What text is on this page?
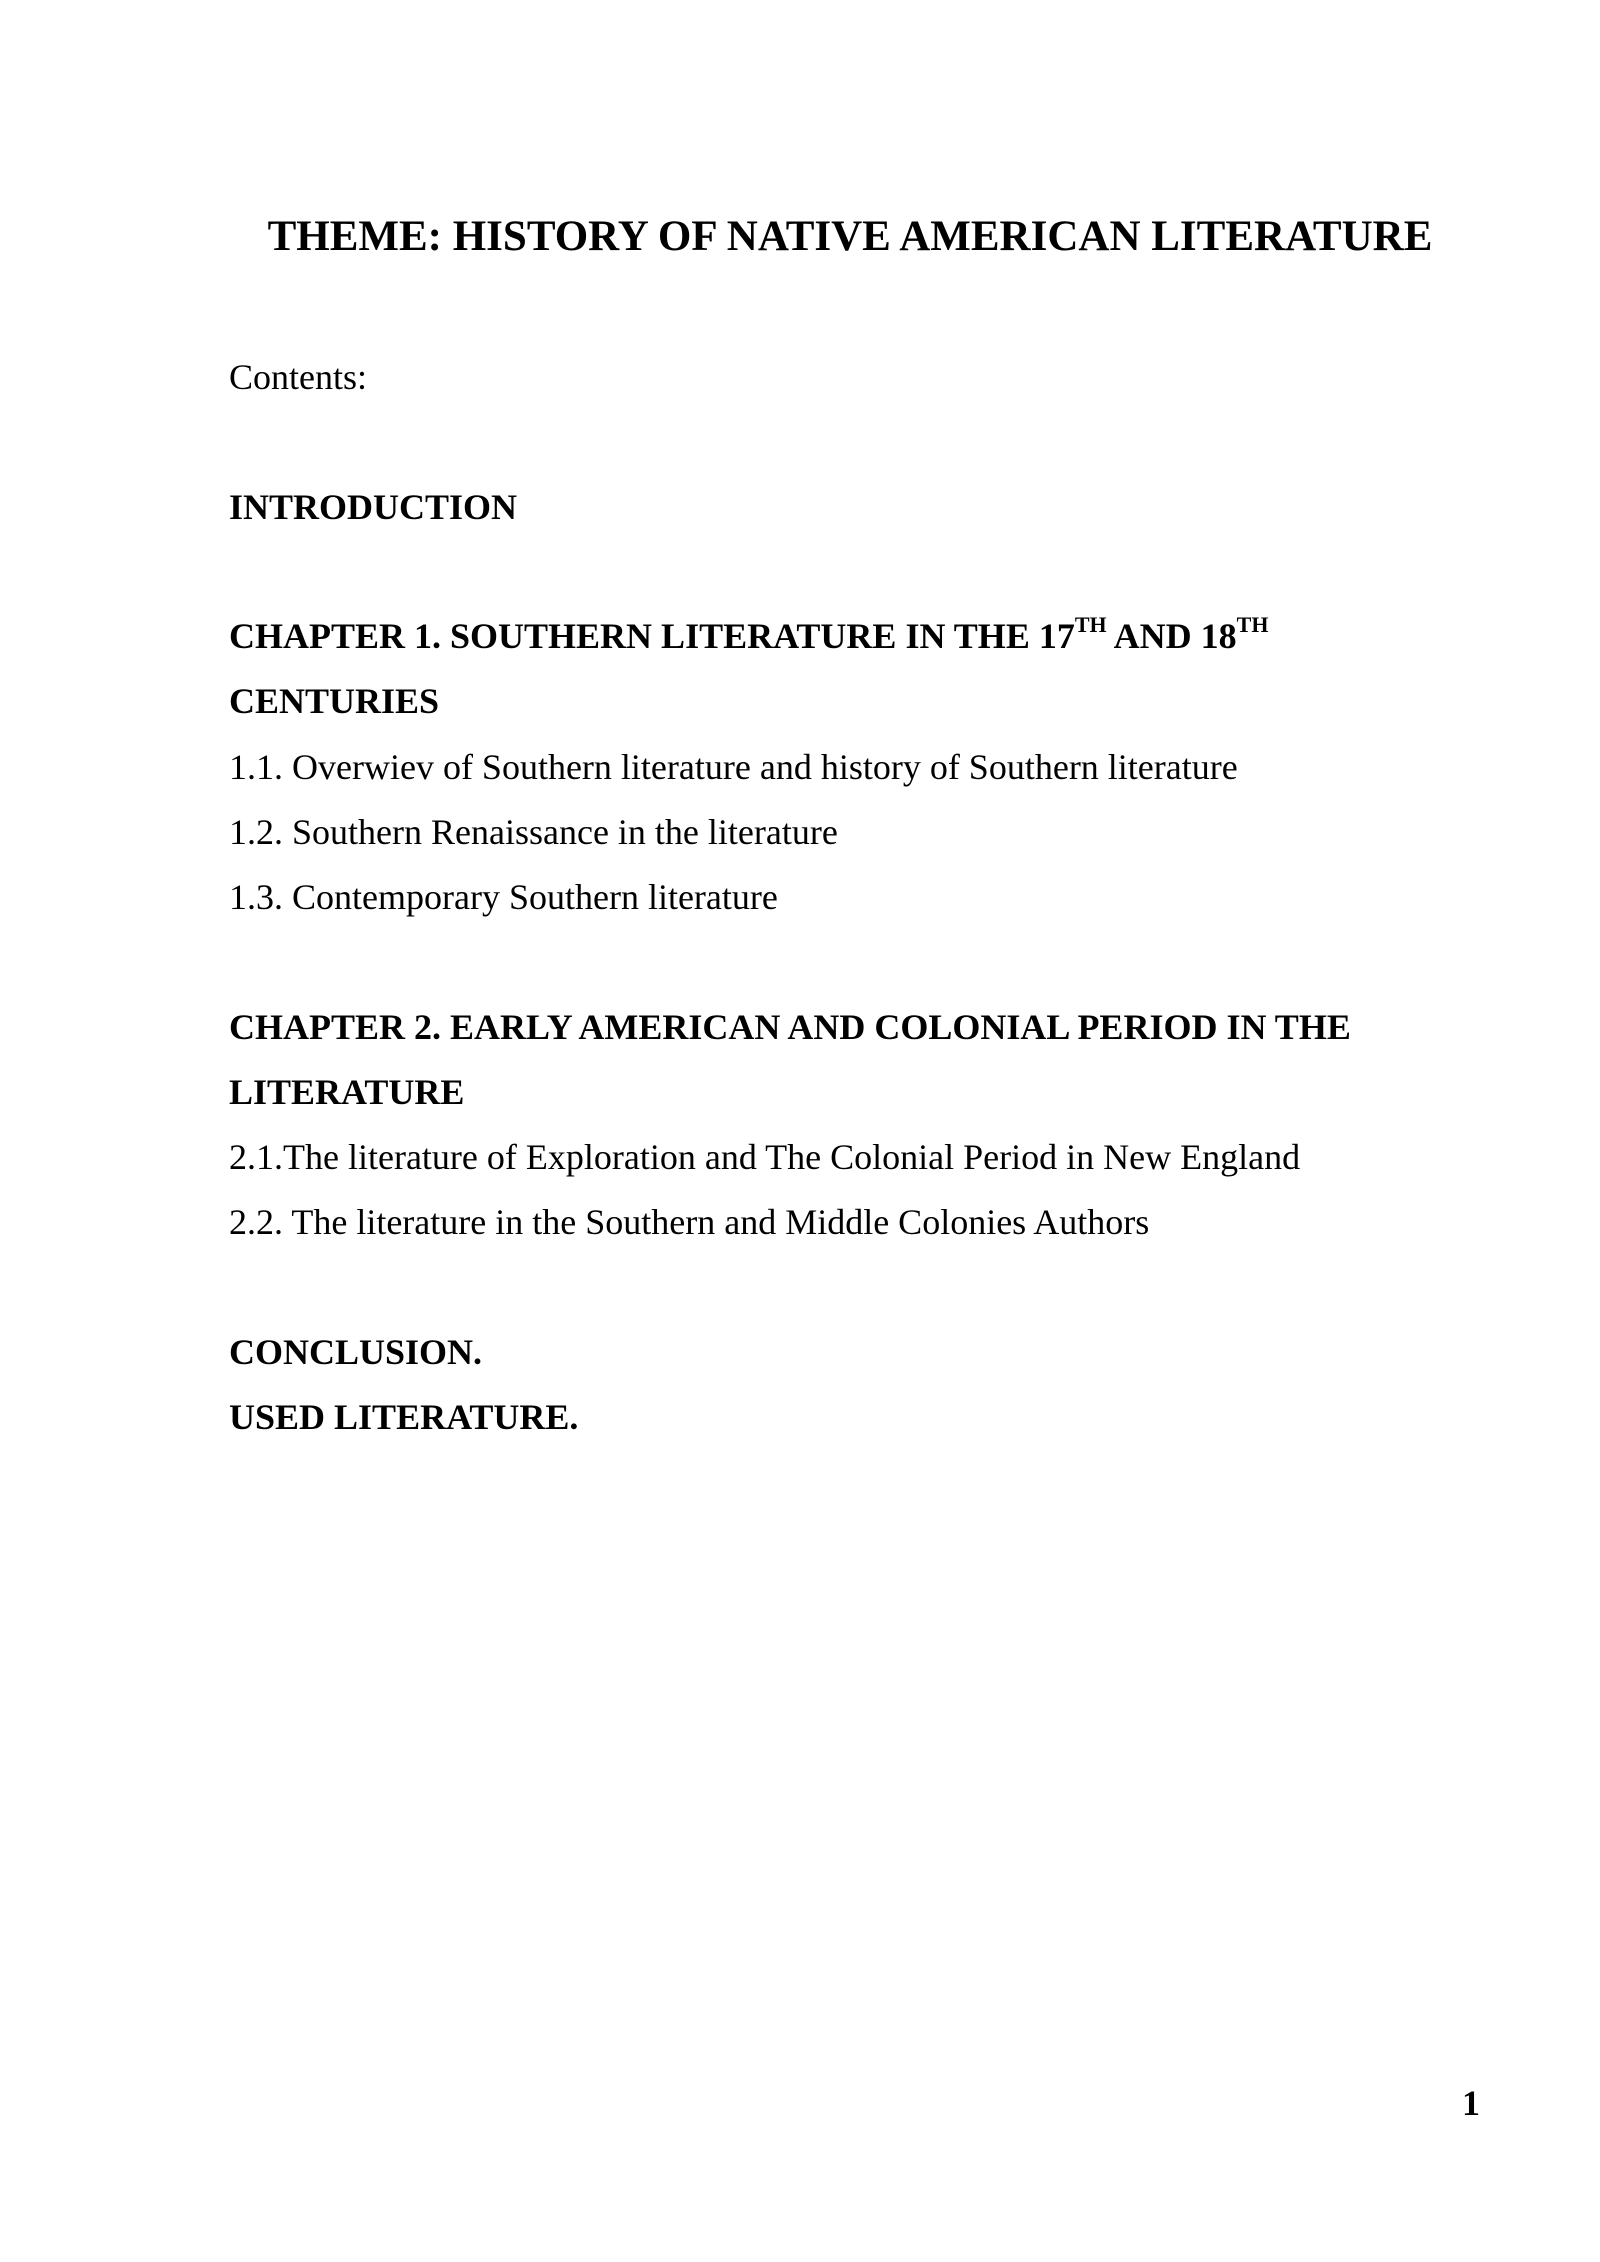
THEME: HISTORY OF NATIVE AMERICAN LITERATURE
Contents:
INTRODUCTION
CHAPTER 1. SOUTHERN LITERATURE IN THE 17TH AND 18TH
CENTURIES
1.1. Overwiev of Southern literature and history of Southern literature
1.2. Southern Renaissance in the literature
1.3. Contemporary Southern literature
CHAPTER 2. EARLY AMERICAN AND COLONIAL PERIOD IN THE
LITERATURE
2.1.The literature of Exploration and The Colonial Period in New England
2.2. The literature in the Southern and Middle Colonies Authors
CONCLUSION.
USED LITERATURE.
1
